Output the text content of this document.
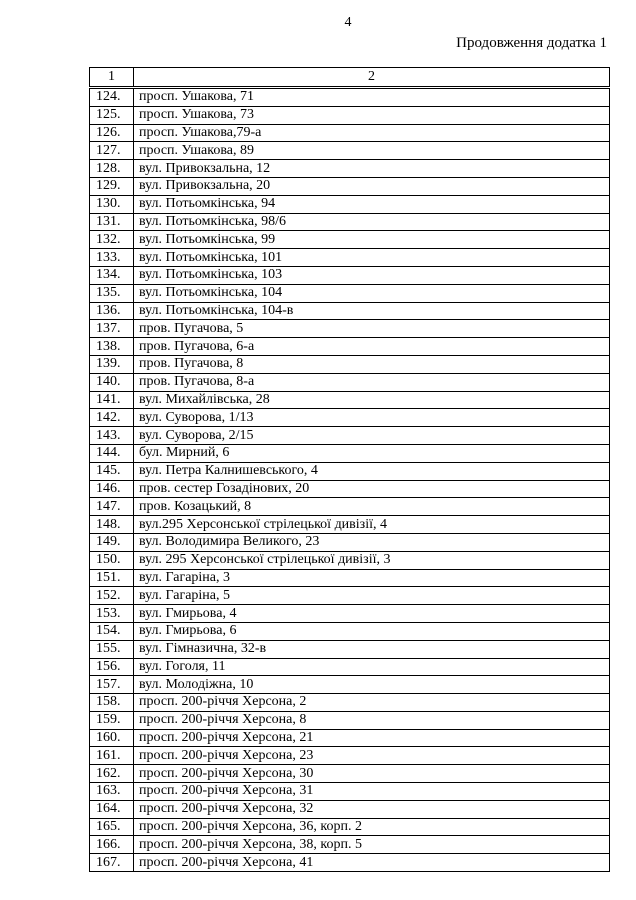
4
Продовження додатка 1
1	2
124.	просп. Ушакова, 71
125.	просп. Ушакова, 73
126.	просп. Ушакова,79-а
127.	просп. Ушакова, 89
128.	вул. Привокзальна, 12
129.	вул. Привокзальна, 20
130.	вул. Потьомкінська, 94
131.	вул. Потьомкінська, 98/6
132.	вул. Потьомкінська, 99
133.	вул. Потьомкінська, 101
134.	вул. Потьомкінська, 103
135.	вул. Потьомкінська, 104
136.	вул. Потьомкінська, 104-в
137.	пров. Пугачова, 5
138.	пров. Пугачова, 6-а
139.	пров. Пугачова, 8
140.	пров. Пугачова, 8-а
141.	вул. Михайлівська, 28
142.	вул. Суворова, 1/13
143.	вул. Суворова, 2/15
144.	бул. Мирний, 6
145.	вул. Петра Калнишевського, 4
146.	пров. сестер Гозадінових, 20
147.	пров. Козацький, 8
148.	вул.295 Херсонської стрілецької дивізії, 4
149.	вул. Володимира Великого, 23
150.	вул. 295 Херсонської стрілецької дивізії, 3
151.	вул. Гагаріна, 3
152.	вул. Гагаріна, 5
153.	вул. Гмирьова, 4
154.	вул. Гмирьова, 6
155.	вул. Гімназична, 32-в
156.	вул. Гоголя, 11
157.	вул. Молодіжна, 10
158.	просп. 200-річчя Херсона, 2
159.	просп. 200-річчя Херсона, 8
160.	просп. 200-річчя Херсона, 21
161.	просп. 200-річчя Херсона, 23
162.	просп. 200-річчя Херсона, 30
163.	просп. 200-річчя Херсона, 31
164.	просп. 200-річчя Херсона, 32
165.	просп. 200-річчя Херсона, 36, корп. 2
166.	просп. 200-річчя Херсона, 38, корп. 5
167.	просп. 200-річчя Херсона, 41
